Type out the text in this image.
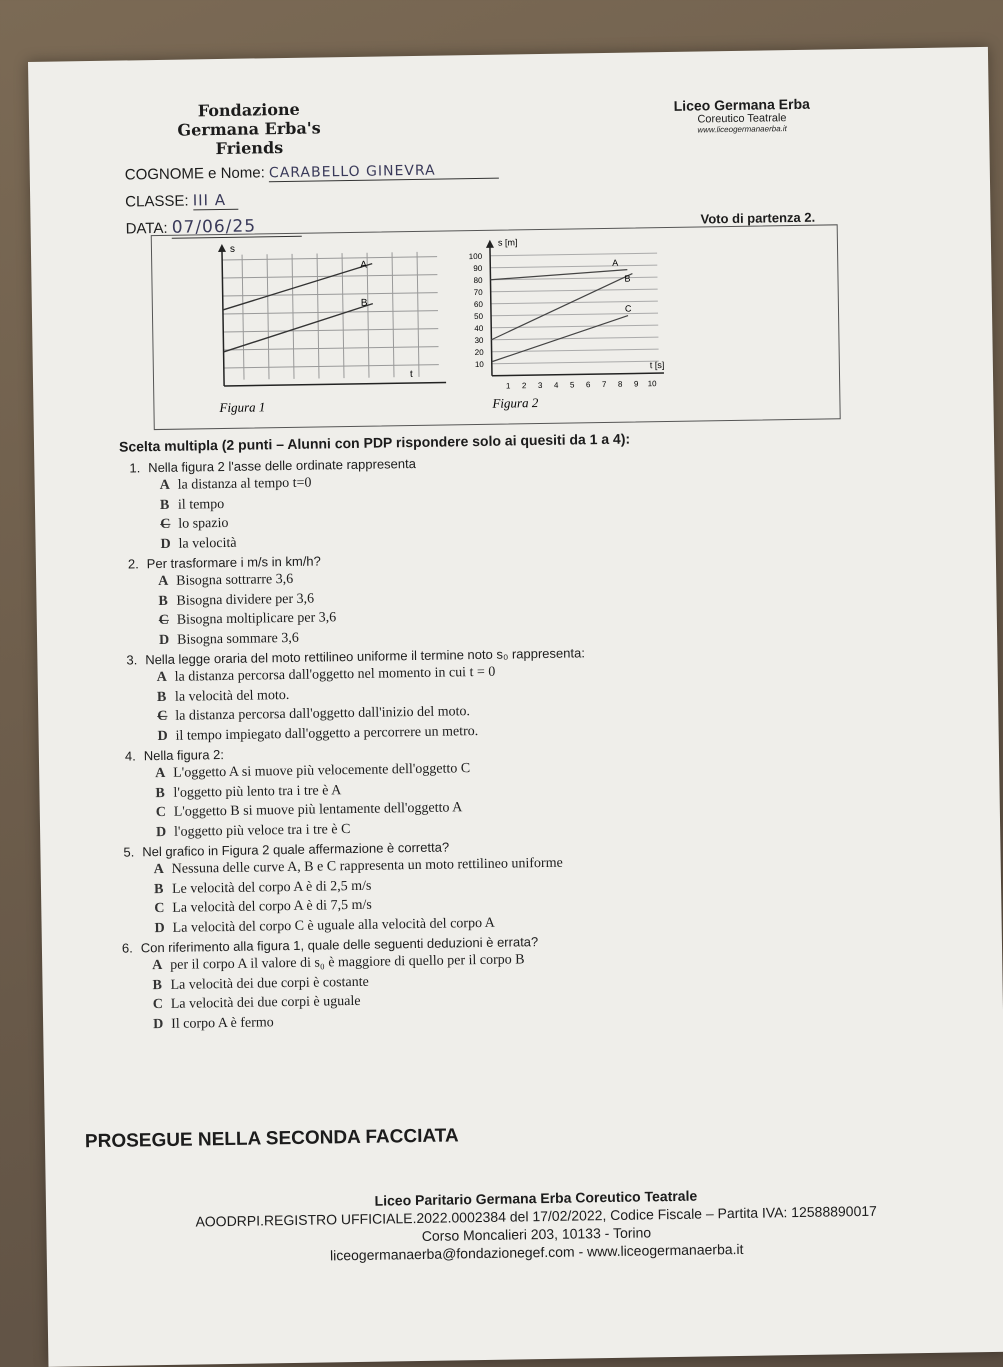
Fondazione
Germana Erba's Friends
Liceo Germana Erba
Coreutico Teatrale
www.liceogermanaerba.it
COGNOME e Nome: CARABELLO GINEVRA
CLASSE: III A
DATA: 07/06/25	Voto di partenza 2.
s
t
A
B
Figura 1
100
90
80
70
60
50
40
30
20
10
1 2 3 4 5 6 7 8 9 10
s [m]
t [s]
A
B
C
Figura 2
Scelta multipla (2 punti – Alunni con PDP rispondere solo ai quesiti da 1 a 4):
1. Nella figura 2 l'asse delle ordinate rappresenta
A la distanza al tempo t=0
B il tempo
C lo spazio
D la velocità
2. Per trasformare i m/s in km/h?
A Bisogna sottrarre 3,6
B Bisogna dividere per 3,6
C Bisogna moltiplicare per 3,6
D Bisogna sommare 3,6
3. Nella legge oraria del moto rettilineo uniforme il termine noto s₀ rappresenta:
A la distanza percorsa dall'oggetto nel momento in cui t = 0
B la velocità del moto.
C la distanza percorsa dall'oggetto dall'inizio del moto.
D il tempo impiegato dall'oggetto a percorrere un metro.
4. Nella figura 2:
A L'oggetto A si muove più velocemente dell'oggetto C
B l'oggetto più lento tra i tre è A
C L'oggetto B si muove più lentamente dell'oggetto A
D l'oggetto più veloce tra i tre è C
5. Nel grafico in Figura 2 quale affermazione è corretta?
A Nessuna delle curve A, B e C rappresenta un moto rettilineo uniforme
B Le velocità del corpo A è di 2,5 m/s
C La velocità del corpo A è di 7,5 m/s
D La velocità del corpo C è uguale alla velocità del corpo A
6. Con riferimento alla figura 1, quale delle seguenti deduzioni è errata?
A per il corpo A il valore di s₀ è maggiore di quello per il corpo B
B La velocità dei due corpi è costante
C La velocità dei due corpi è uguale
D Il corpo A è fermo
PROSEGUE NELLA SECONDA FACCIATA
Liceo Paritario Germana Erba Coreutico Teatrale
AOODRPI.REGISTRO UFFICIALE.2022.0002384 del 17/02/2022, Codice Fiscale – Partita IVA: 12588890017
Corso Moncalieri 203, 10133 - Torino
liceogermanaerba@fondazionegef.com - www.liceogermanaerba.it
